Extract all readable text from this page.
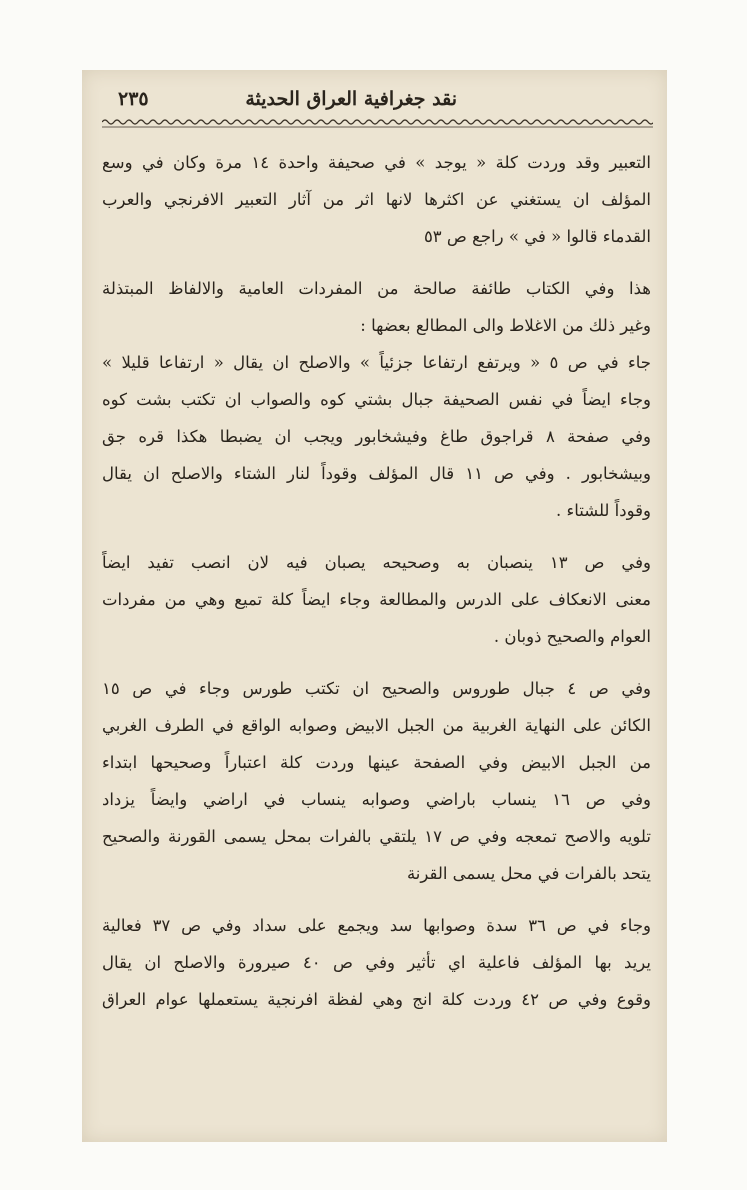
نقد جغرافية العراق الحديثة
٢٣٥
التعبير وقد وردت كلة « يوجد » في صحيفة واحدة ١٤ مرة وكان في وسع
المؤلف ان يستغني عن اكثرها لانها اثر من آثار التعبير الافرنجي والعرب
القدماء قالوا « في » راجع ص ٥٣
هذا وفي الكتاب طائفة صالحة من المفردات العامية والالفاظ المبتذلة
وغير ذلك من الاغلاط والى المطالع بعضها :
جاء في ص ٥ « ويرتفع ارتفاعا جزئياً » والاصلح ان يقال « ارتفاعا قليلا »
وجاء ايضاً في نفس الصحيفة جبال بشتي كوه والصواب ان تكتب بشت كوه
وفي صفحة ٨ قراجوق طاغ وفيشخابور ويجب ان يضبطا هكذا قره جق
وبيشخابور . وفي ص ١١ قال المؤلف وقوداً لنار الشتاء والاصلح ان يقال
وقوداً للشتاء .
وفي ص ١٣ ينصبان به وصحيحه يصبان فيه لان انصب تفيد ايضاً
معنى الانعكاف على الدرس والمطالعة وجاء ايضاً كلة تميع وهي من مفردات
العوام والصحيح ذوبان .
وفي ص ٤ جبال طوروس والصحيح ان تكتب طورس وجاء في ص ١٥
الكائن على النهاية الغربية من الجبل الابيض وصوابه الواقع في الطرف الغربي
من الجبل الابيض وفي الصفحة عينها وردت كلة اعتباراً وصحيحها ابتداء
وفي ص ١٦ ينساب باراضي وصوابه ينساب في اراضي وايضاً يزداد
تلويه والاصح تمعجه وفي ص ١٧ يلتقي بالفرات بمحل يسمى القورنة والصحيح
يتحد بالفرات في محل يسمى القرنة
وجاء في ص ٣٦ سدة وصوابها سد ويجمع على سداد وفي ص ٣٧ فعالية
يريد بها المؤلف فاعلية اي تأثير وفي ص ٤٠ صيرورة والاصلح ان يقال
وقوع وفي ص ٤٢ وردت كلة انج وهي لفظة افرنجية يستعملها عوام العراق
